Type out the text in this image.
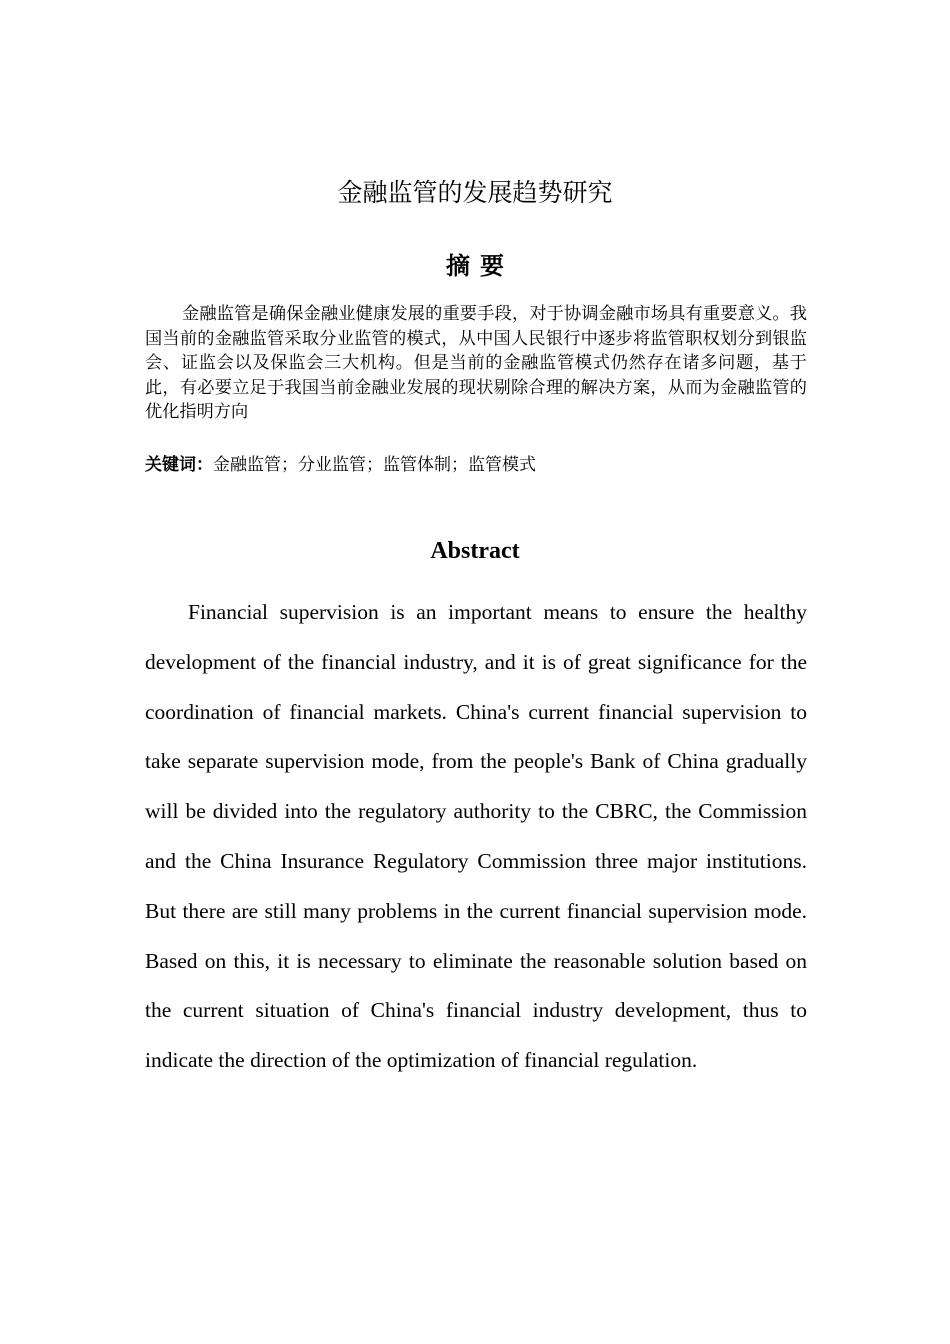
金融监管的发展趋势研究
摘要

金融监管是确保金融业健康发展的重要手段，对于协调金融市场具有重要意义。我国当前的金融监管采取分业监管的模式，从中国人民银行中逐步将监管职权划分到银监会、证监会以及保监会三大机构。但是当前的金融监管模式仍然存在诸多问题，基于此，有必要立足于我国当前金融业发展的现状剔除合理的解决方案，从而为金融监管的优化指明方向

关键词：金融监管；分业监管；监管体制；监管模式

Abstract

Financial supervision is an important means to ensure the healthy development of the financial industry, and it is of great significance for the coordination of financial markets. China's current financial supervision to take separate supervision mode, from the people's Bank of China gradually will be divided into the regulatory authority to the CBRC, the Commission and the China Insurance Regulatory Commission three major institutions. But there are still many problems in the current financial supervision mode. Based on this, it is necessary to eliminate the reasonable solution based on the current situation of China's financial industry development, thus to indicate the direction of the optimization of financial regulation.
